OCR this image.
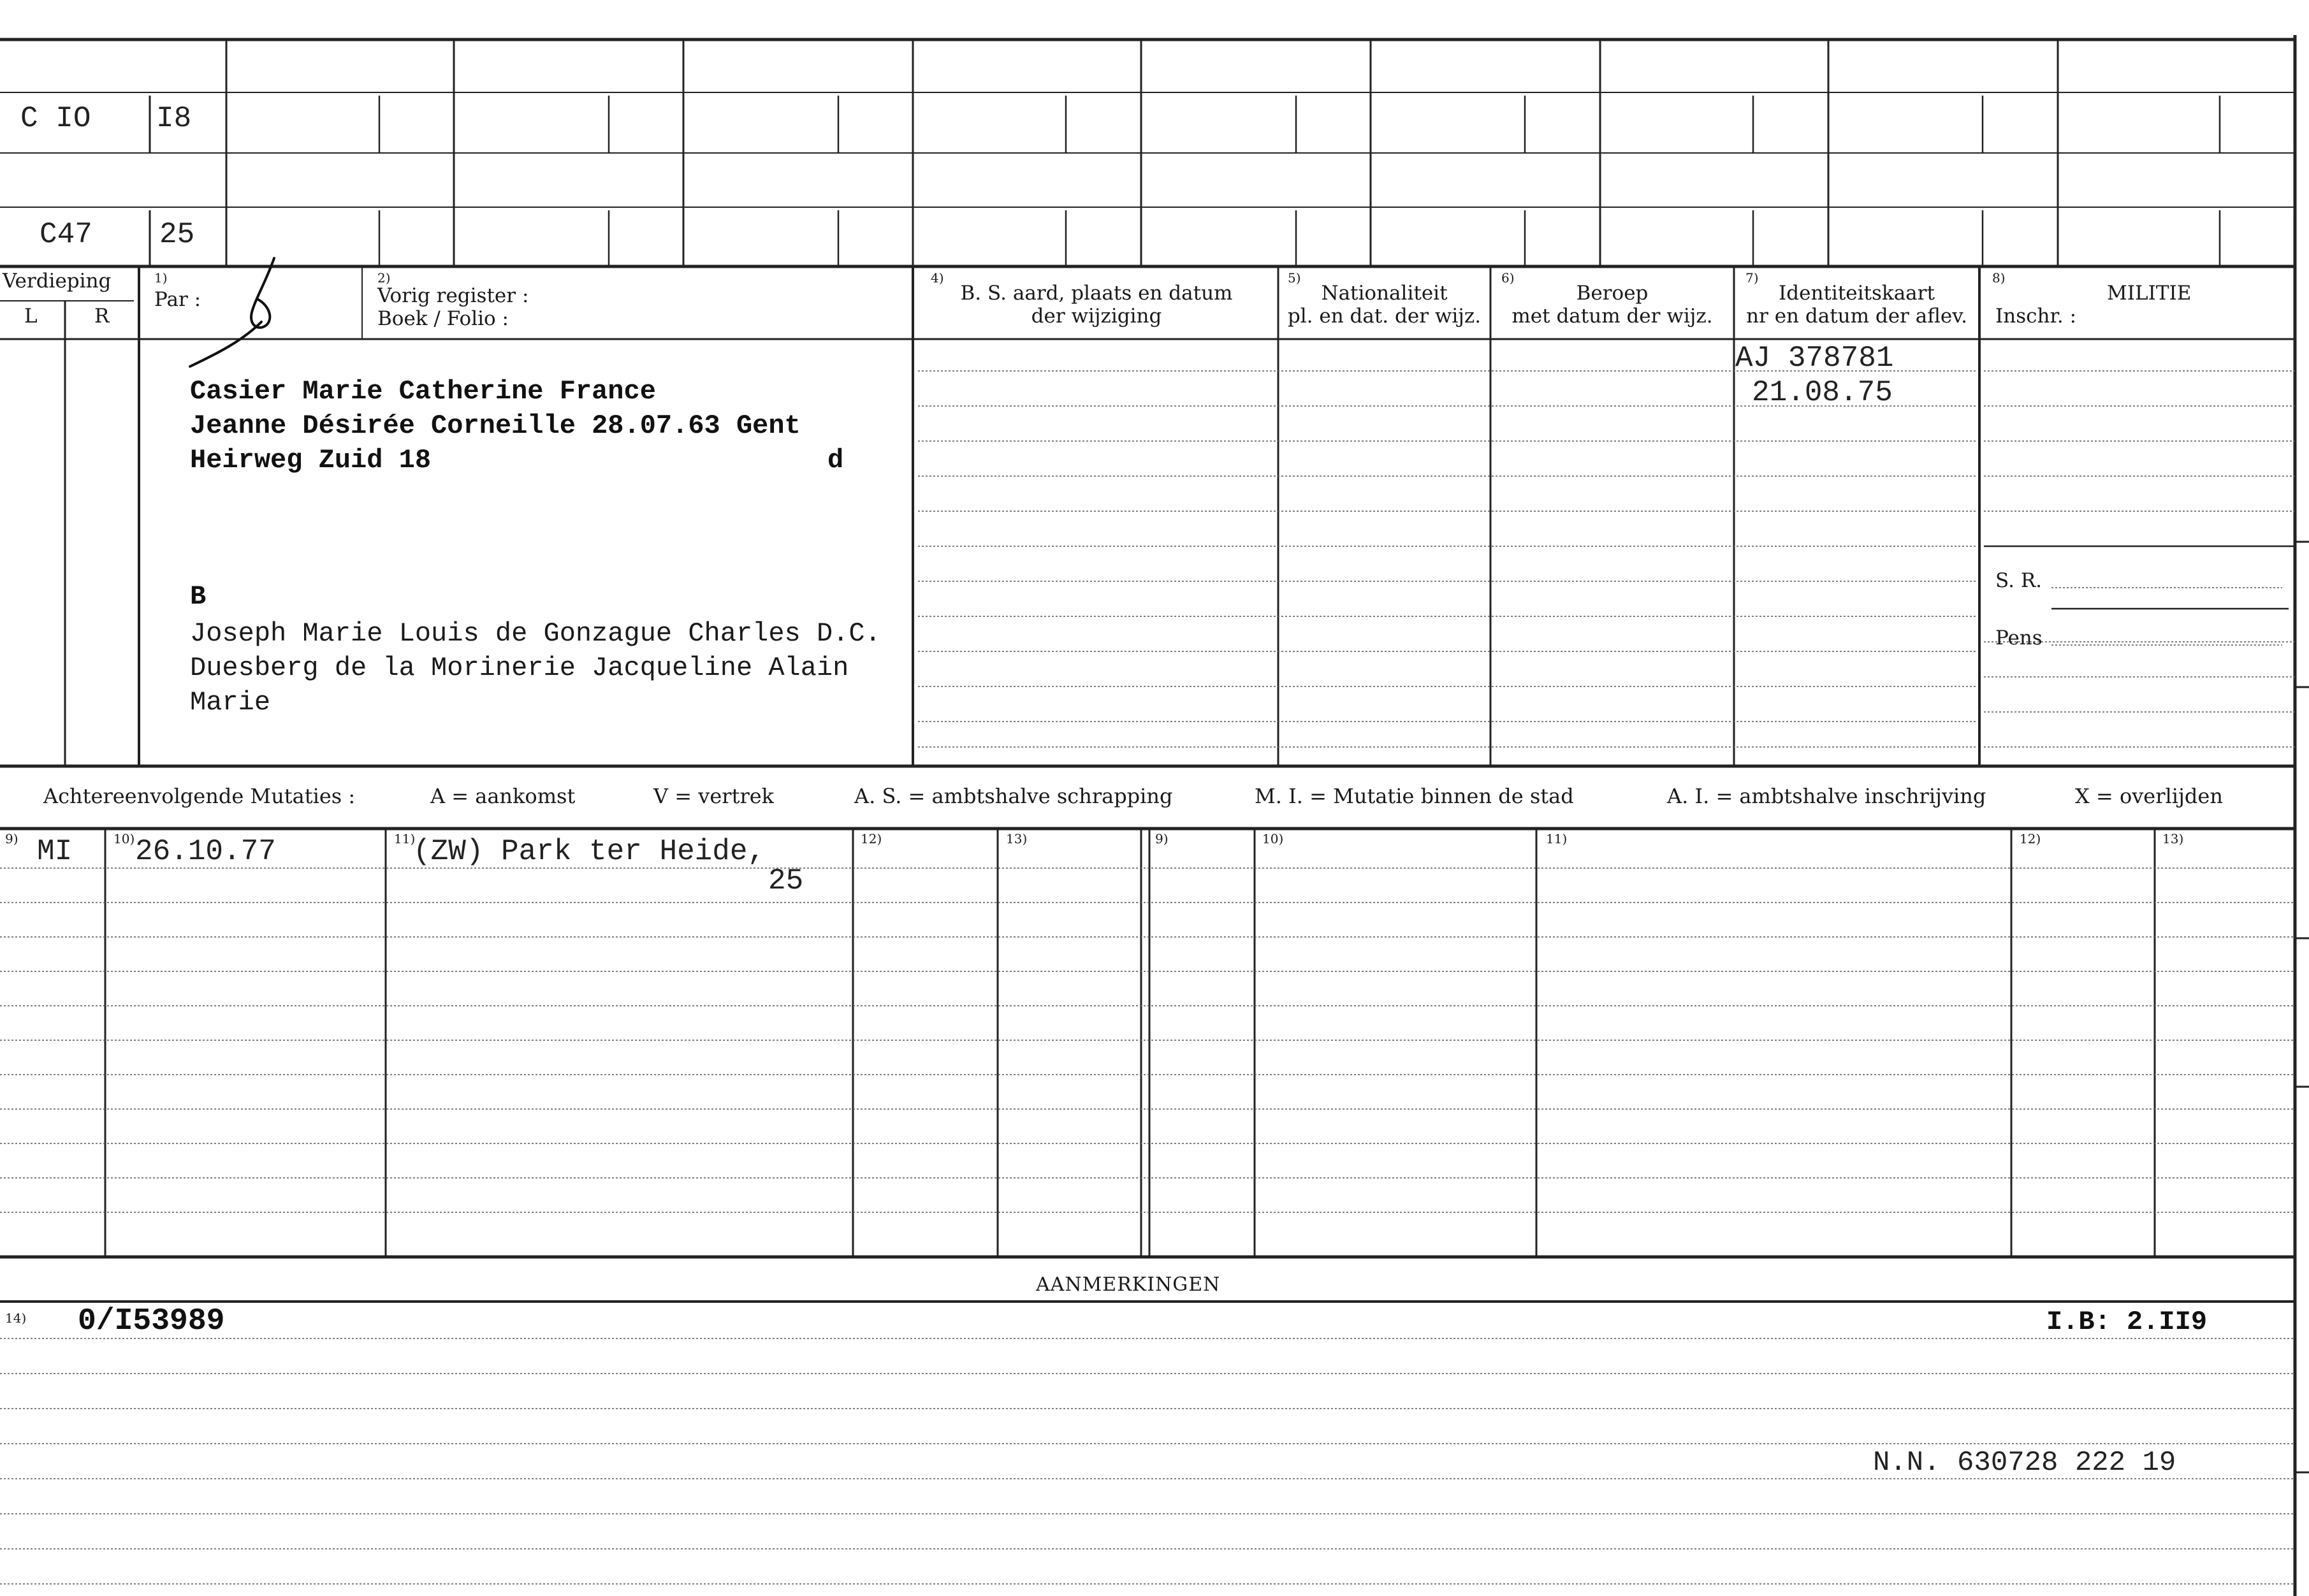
C IO I8
C47 25
Verdieping
L	R
1)
Par :
2)
Vorig register :
Boek / Folio :
4)
B. S. aard, plaats en datum
der wijziging
5)
Nationaliteit
pl. en dat. der wijz.
6)
Beroep
met datum der wijz.
7)
Identiteitskaart
nr en datum der aflev.
8)
MILITIE
Inschr. :
S. R.
Pens
Casier Marie Catherine France
Jeanne Désirée Corneille 28.07.63 Gent
Heirweg Zuid 18	d
B
Joseph Marie Louis de Gonzague Charles D.C.
Duesberg de la Morinerie Jacqueline Alain
Marie
AJ 378781
21.08.75
Achtereenvolgende Mutaties :	A = aankomst	V = vertrek	A. S. = ambtshalve schrapping	M. I. = Mutatie binnen de stad	A. I. = ambtshalve inschrijving	X = overlijden
9)	10)	11)	12)	13)	9)	10)	11)	12)	13)
MI 26.10.77	(ZW) Park ter Heide,
25
AANMERKINGEN
14) 0/I53989	I.B: 2.II9
N.N. 630728 222 19
